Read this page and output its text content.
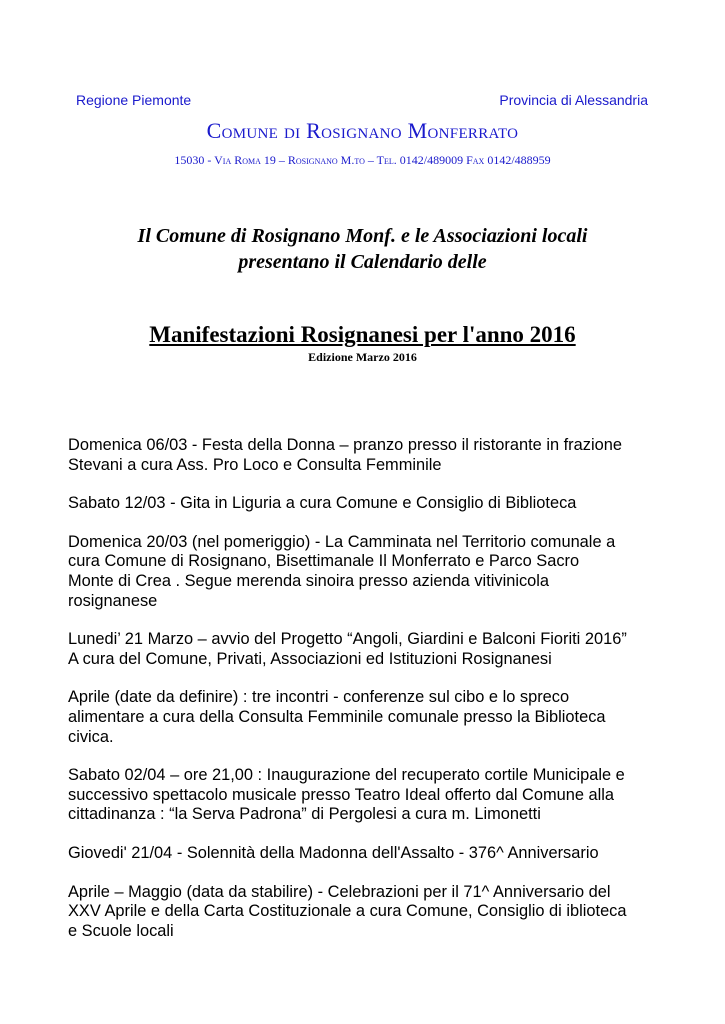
Regione Piemonte	Provincia di Alessandria
Comune di Rosignano Monferrato
15030 - Via Roma 19 – Rosignano M.to – Tel. 0142/489009 Fax 0142/488959
Il Comune di Rosignano Monf. e le Associazioni locali
presentano il Calendario delle
Manifestazioni Rosignanesi per l'anno 2016
Edizione Marzo 2016
Domenica 06/03 - Festa della Donna – pranzo presso il ristorante in frazione
Stevani a cura Ass. Pro Loco e Consulta Femminile
Sabato 12/03 - Gita in Liguria a cura Comune e Consiglio di Biblioteca
Domenica 20/03 (nel pomeriggio) - La Camminata nel Territorio comunale a
cura Comune di Rosignano, Bisettimanale Il Monferrato e Parco Sacro
Monte di Crea . Segue merenda sinoira presso azienda vitivinicola
rosignanese
Lunedi’ 21 Marzo – avvio del Progetto “Angoli, Giardini e Balconi Fioriti 2016”
A cura del Comune, Privati, Associazioni ed Istituzioni Rosignanesi
Aprile (date da definire) : tre incontri - conferenze sul cibo e lo spreco
alimentare a cura della Consulta Femminile comunale presso la Biblioteca
civica.
Sabato 02/04 – ore 21,00 : Inaugurazione del recuperato cortile Municipale e
successivo spettacolo musicale presso Teatro Ideal offerto dal Comune alla
cittadinanza : “la Serva Padrona” di Pergolesi a cura m. Limonetti
Giovedi' 21/04 - Solennità della Madonna dell'Assalto - 376^ Anniversario
Aprile – Maggio (data da stabilire) - Celebrazioni per il 71^ Anniversario del
XXV Aprile e della Carta Costituzionale a cura Comune, Consiglio di iblioteca
e Scuole locali
